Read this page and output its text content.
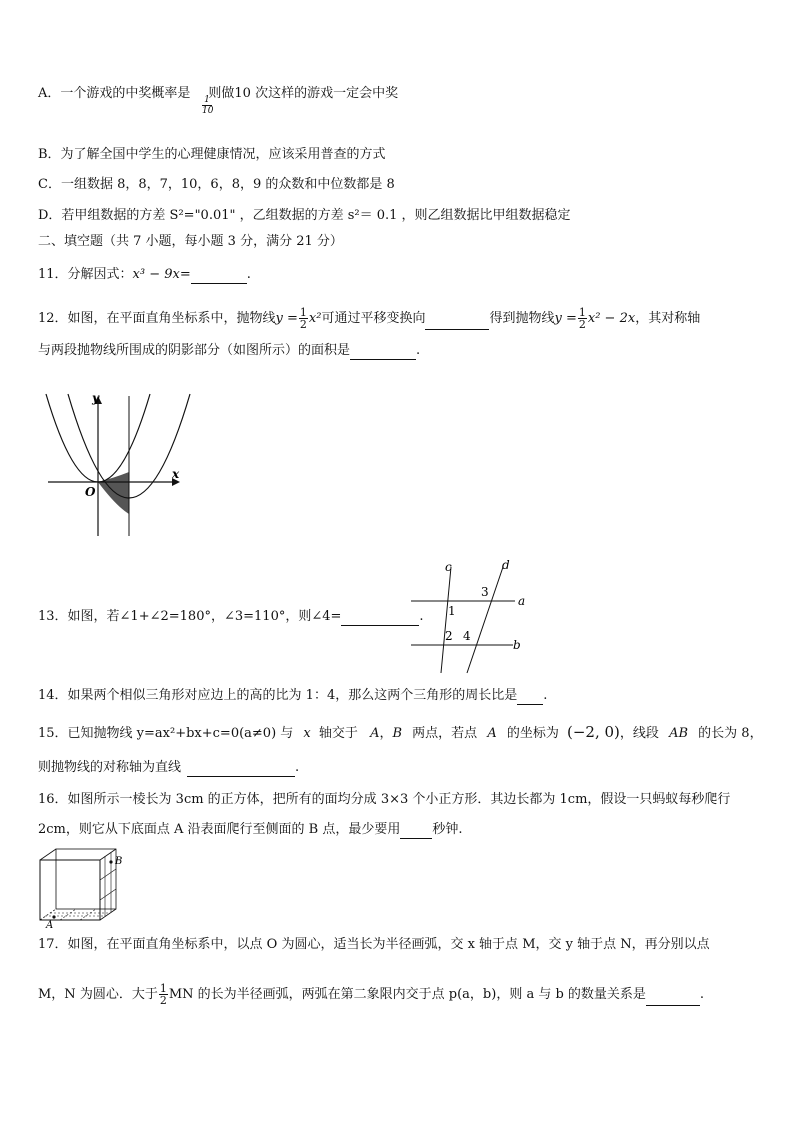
A．一个游戏的中奖概率是 则做10 次这样的游戏一定会中奖
$\frac{1}{10}$
B．为了解全国中学生的心理健康情况，应该采用普查的方式
C．一组数据 8，8，7，10，6，8，9 的众数和中位数都是 8
D．若甲组数据的方差 S²="0.01" ，乙组数据的方差 s²＝ 0.1 ，则乙组数据比甲组数据稳定
二、填空题（共 7 小题，每小题 3 分，满分 21 分）
11．分解因式：x³ − 9x=	.
12．如图，在平面直角坐标系中，抛物线$y = \frac{1}{2} x^2$可通过平移变换向	得到抛物线$y = \frac{1}{2} x^2 - 2x$，其对称轴
与两段抛物线所围成的阴影部分（如图所示）的面积是	.
y
x
O
13．如图，若∠1+∠2=180°，∠3=110°，则∠4=	.
c	d
a
b
1
2
3
4
14．如果两个相似三角形对应边上的高的比为 1：4，那么这两个三角形的周长比是 .
15．已知抛物线 y=ax²+bx+c=0(a≠0) 与 x 轴交于 A，B 两点，若点 A 的坐标为 (−2, 0)，线段 AB 的长为 8，
则抛物线的对称轴为直线	.
16．如图所示一棱长为 3cm 的正方体，把所有的面均分成 3×3 个小正方形．其边长都为 1cm，假设一只蚂蚁每秒爬行
2cm，则它从下底面点 A 沿表面爬行至侧面的 B 点，最少要用 秒钟.
B
A
17．如图，在平面直角坐标系中，以点 O 为圆心，适当长为半径画弧，交 x 轴于点 M，交 y 轴于点 N，再分别以点
M，N 为圆心．大于 $\frac{1}{2}$ MN 的长为半径画弧，两弧在第二象限内交于点 p(a，b)，则 a 与 b 的数量关系是	.
